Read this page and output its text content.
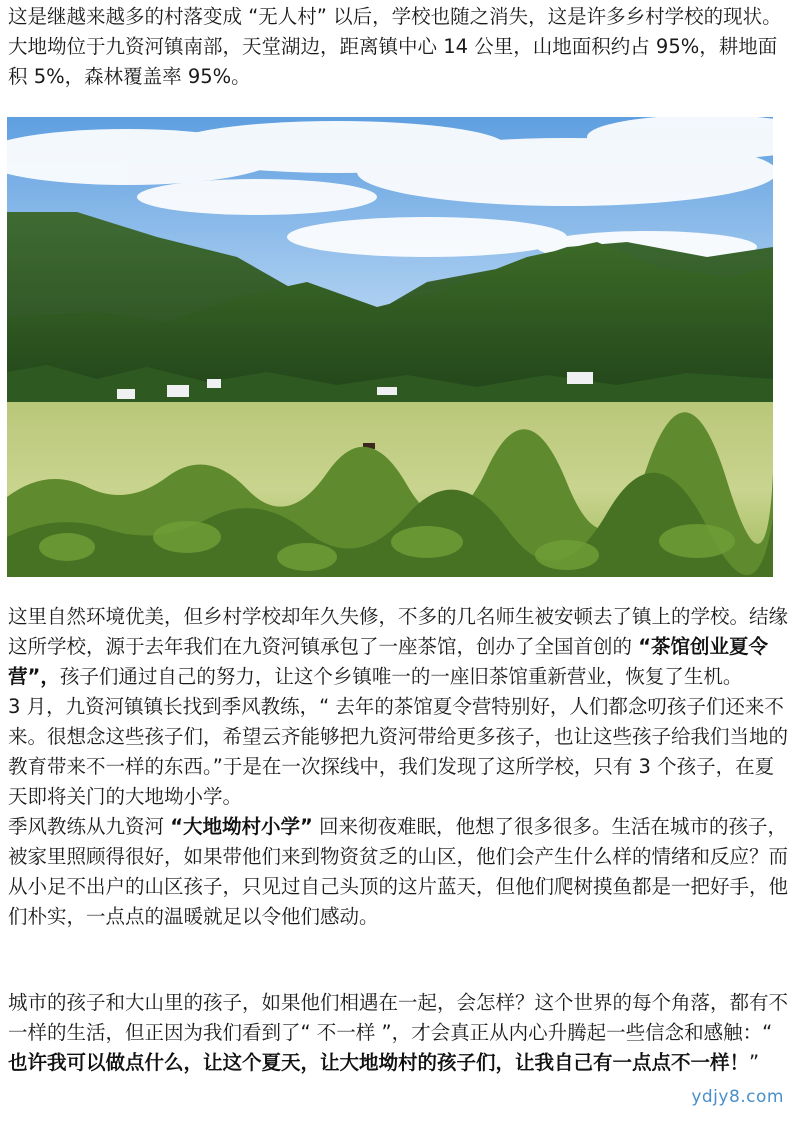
这是继越来越多的村落变成 “无人村” 以后，学校也随之消失，这是许多乡村学校的现状。大地坳位于九资河镇南部，天堂湖边，距离镇中心 14 公里，山地面积约占 95%，耕地面积 5%，森林覆盖率 95%。

这里自然环境优美，但乡村学校却年久失修，不多的几名师生被安顿去了镇上的学校。结缘这所学校，源于去年我们在九资河镇承包了一座茶馆，创办了全国首创的 “茶馆创业夏令营”，孩子们通过自己的努力，让这个乡镇唯一的一座旧茶馆重新营业，恢复了生机。
3 月，九资河镇镇长找到季风教练，“ 去年的茶馆夏令营特别好，人们都念叨孩子们还来不来。很想念这些孩子们，希望云齐能够把九资河带给更多孩子，也让这些孩子给我们当地的教育带来不一样的东西。”于是在一次探线中，我们发现了这所学校，只有 3 个孩子，在夏天即将关门的大地坳小学。
季风教练从九资河 “大地坳村小学” 回来彻夜难眠，他想了很多很多。生活在城市的孩子，被家里照顾得很好，如果带他们来到物资贫乏的山区，他们会产生什么样的情绪和反应？而从小足不出户的山区孩子，只见过自己头顶的这片蓝天，但他们爬树摸鱼都是一把好手，他们朴实，一点点的温暖就足以令他们感动。

城市的孩子和大山里的孩子，如果他们相遇在一起，会怎样？这个世界的每个角落，都有不一样的生活，但正因为我们看到了“ 不一样 ”，才会真正从内心升腾起一些信念和感触：“ 也许我可以做点什么，让这个夏天，让大地坳村的孩子们，让我自己有一点点不一样！”

ydjy8.com
